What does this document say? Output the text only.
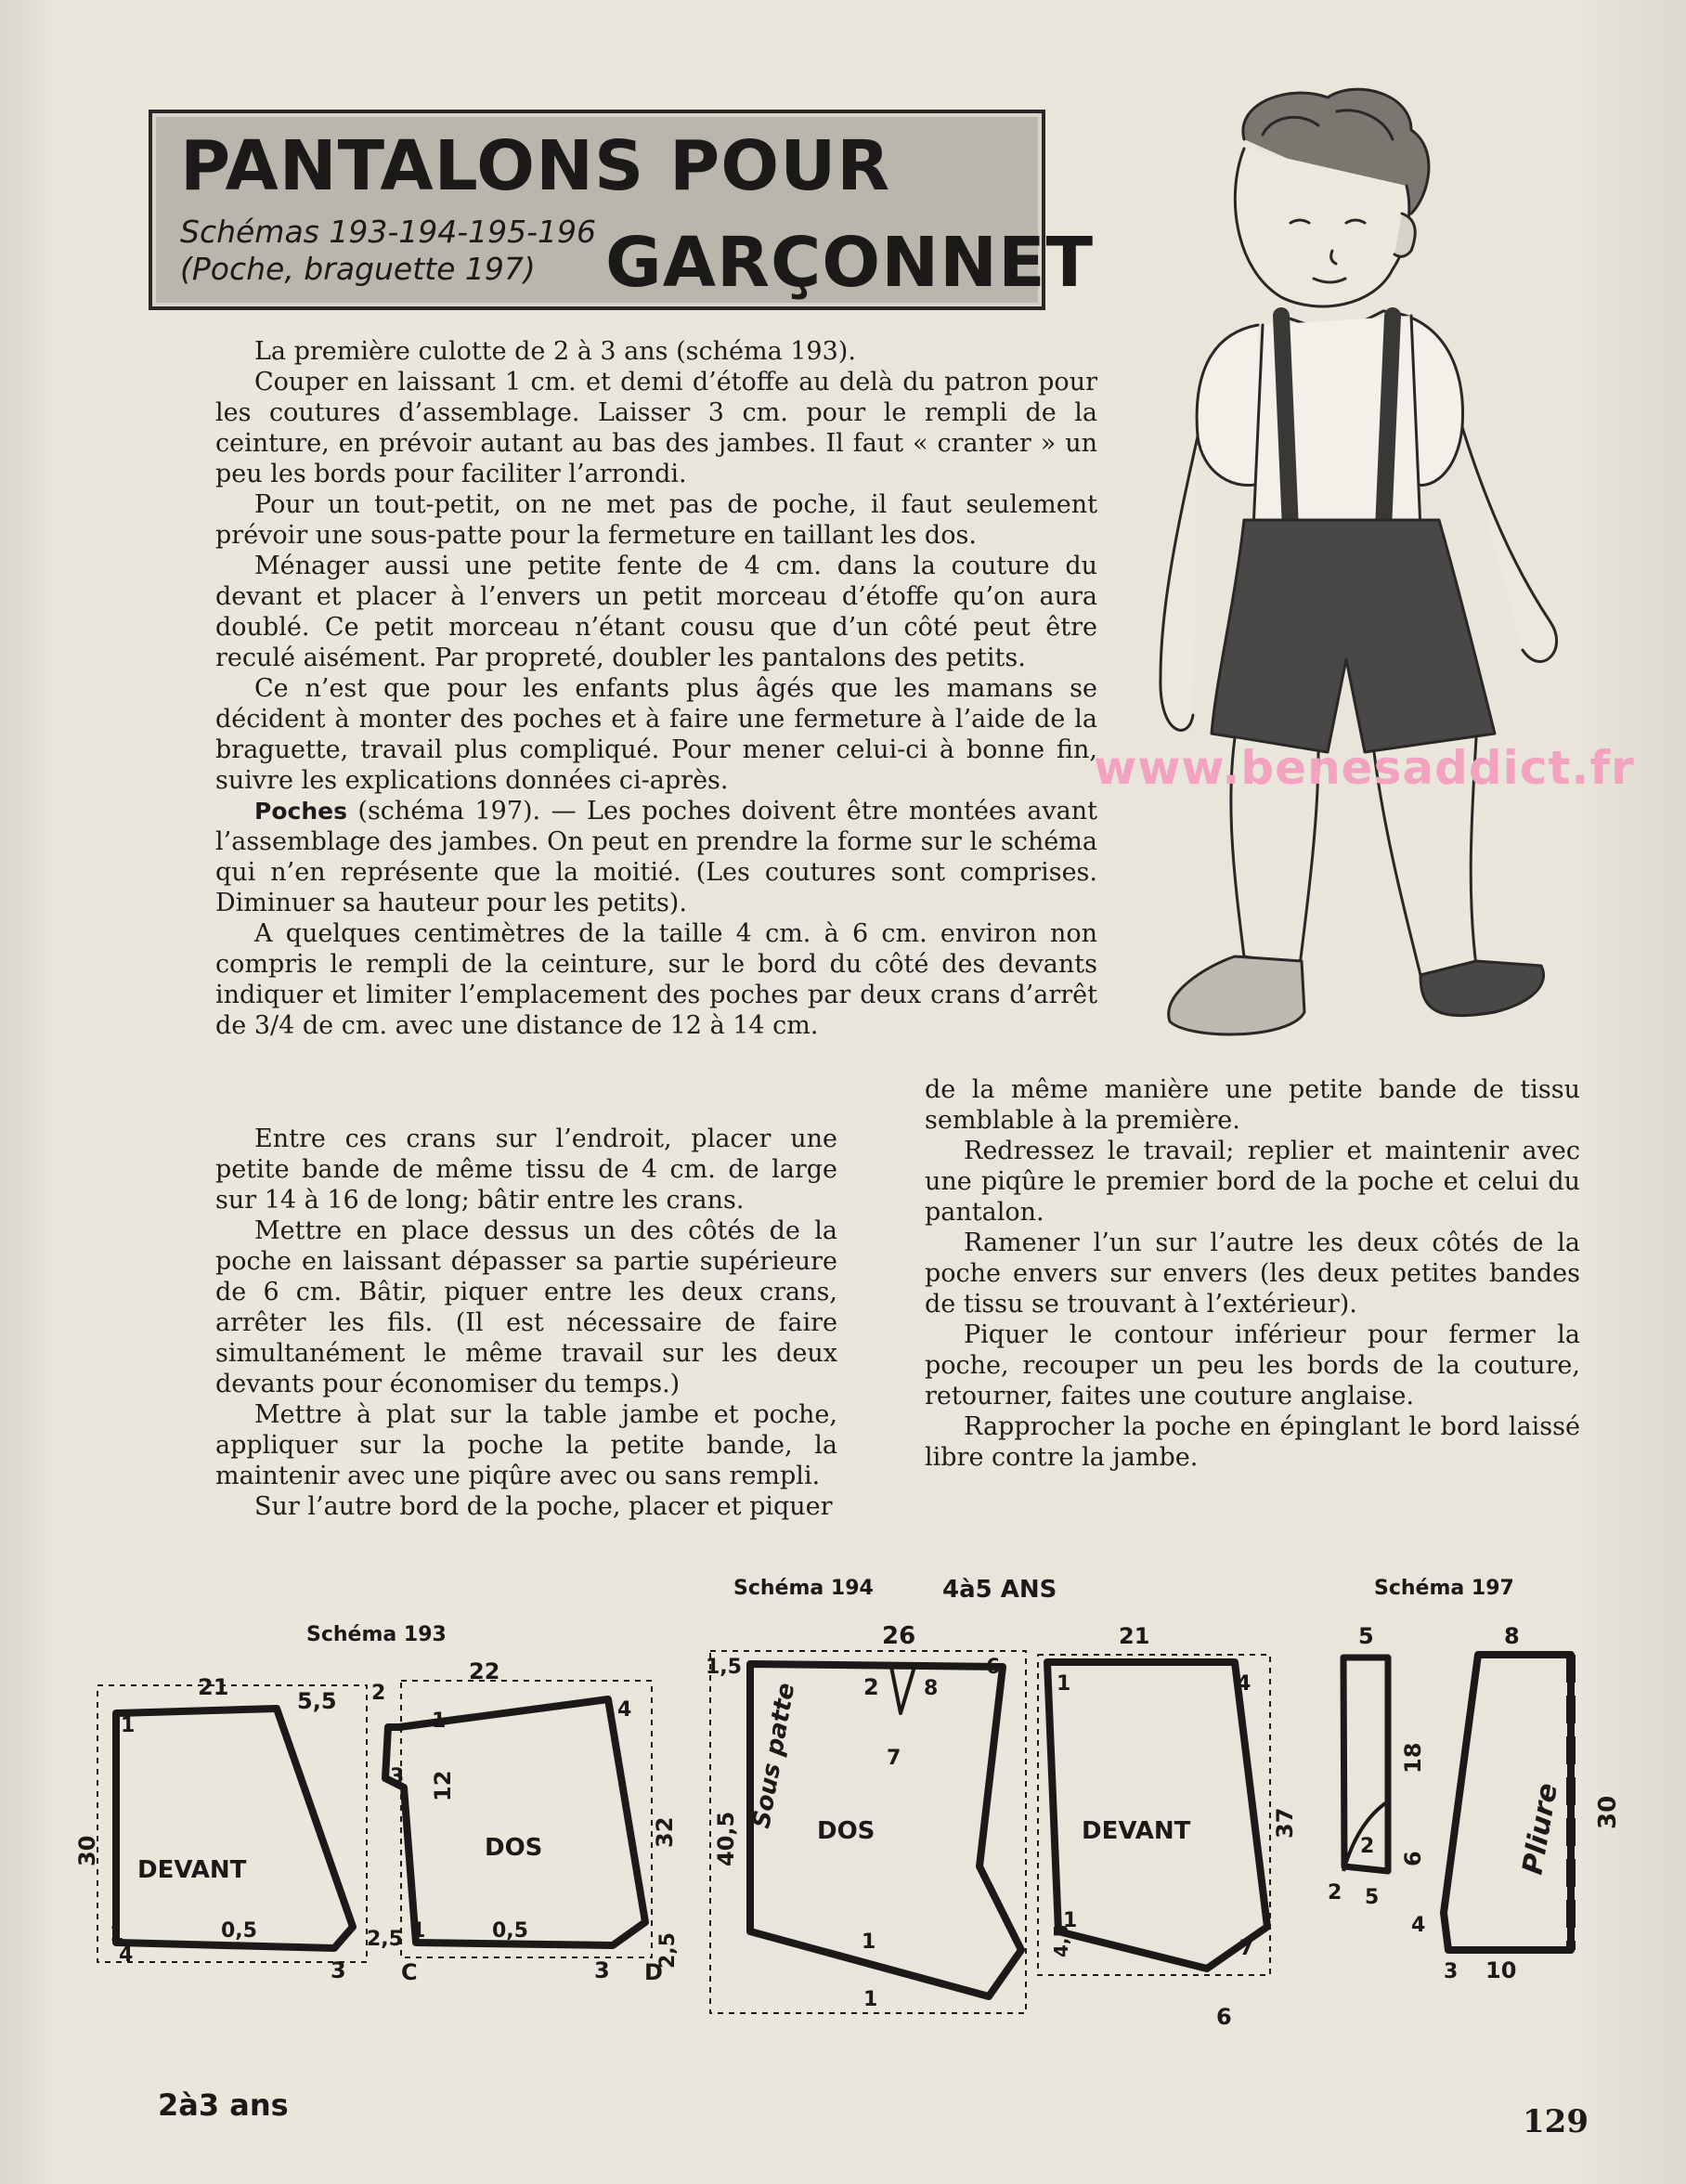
PANTALONS POUR
Schémas 193-194-195-196
(Poche, braguette 197)	GARÇONNET
www.benesaddict.fr

La première culotte de 2 à 3 ans (schéma 193).

Couper en laissant 1 cm. et demi d’étoffe au delà du patron pour les coutures d’assemblage. Laisser 3 cm. pour le rempli de la ceinture, en prévoir autant au bas des jambes. Il faut « cranter » un peu les bords pour faciliter l’arrondi.

Pour un tout-petit, on ne met pas de poche, il faut seulement prévoir une sous-patte pour la fermeture en taillant les dos.

Ménager aussi une petite fente de 4 cm. dans la couture du devant et placer à l’envers un petit morceau d’étoffe qu’on aura doublé. Ce petit morceau n’étant cousu que d’un côté peut être reculé aisément. Par propreté, doubler les pantalons des petits.

Ce n’est que pour les enfants plus âgés que les mamans se décident à monter des poches et à faire une fermeture à l’aide de la braguette, travail plus compliqué. Pour mener celui-ci à bonne fin, suivre les explications données ci-après.

Poches (schéma 197). — Les poches doivent être montées avant l’assemblage des jambes. On peut en prendre la forme sur le schéma qui n’en représente que la moitié. (Les coutures sont comprises. Diminuer sa hauteur pour les petits).

A quelques centimètres de la taille 4 cm. à 6 cm. environ non compris le rempli de la ceinture, sur le bord du côté des devants indiquer et limiter l’emplacement des poches par deux crans d’arrêt de 3/4 de cm. avec une distance de 12 à 14 cm.

Entre ces crans sur l’endroit, placer une petite bande de même tissu de 4 cm. de large sur 14 à 16 de long; bâtir entre les crans.

Mettre en place dessus un des côtés de la poche en laissant dépasser sa partie supérieure de 6 cm. Bâtir, piquer entre les deux crans, arrêter les fils. (Il est nécessaire de faire simultanément le même travail sur les deux devants pour économiser du temps.)

Mettre à plat sur la table jambe et poche, appliquer sur la poche la petite bande, la maintenir avec une piqûre avec ou sans rempli.

Sur l’autre bord de la poche, placer et piquer

de la même manière une petite bande de tissu semblable à la première.

Redressez le travail; replier et maintenir avec une piqûre le premier bord de la poche et celui du pantalon.

Ramener l’un sur l’autre les deux côtés de la poche envers sur envers (les deux petites bandes de tissu se trouvant à l’extérieur).

Piquer le contour inférieur pour fermer la poche, recouper un peu les bords de la couture, retourner, faites une couture anglaise.

Rapprocher la poche en épinglant le bord laissé libre contre la jambe.

Schéma 193
Schéma 194	4à5 ANS	Schéma 197
DEVANT
DOS
2à3 ans
DOS	DEVANT
Sous patte	Pliure
21
5,5
30
1
0,5
4
3
2,5
1
22
2
4
1
3 12
32
0,5
1
3
C	D
2,5
26
1,5
2 8
6
7
40,5
1
21
1	4
37
1
4,5	7
6
1
5
18
2
6
2 5
8
30
4
3 10
129
